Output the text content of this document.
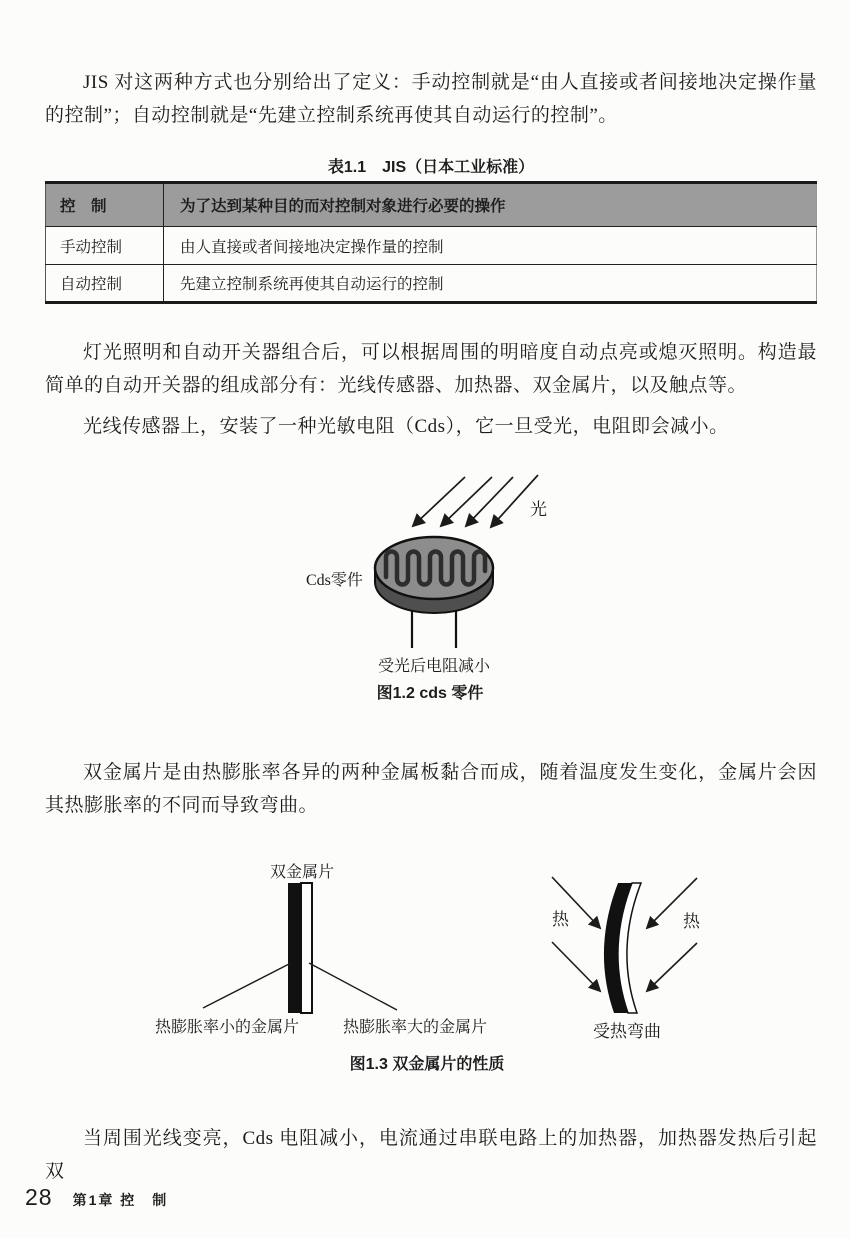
JIS 对这两种方式也分别给出了定义：手动控制就是“由人直接或者间接地决定操作量的控制”；自动控制就是“先建立控制系统再使其自动运行的控制”。

表1.1　JIS（日本工业标准）
控　制	为了达到某种目的而对控制对象进行必要的操作
手动控制	由人直接或者间接地决定操作量的控制
自动控制	先建立控制系统再使其自动运行的控制

灯光照明和自动开关器组合后，可以根据周围的明暗度自动点亮或熄灭照明。构造最简单的自动开关器的组成部分有：光线传感器、加热器、双金属片，以及触点等。

光线传感器上，安装了一种光敏电阻（Cds），它一旦受光，电阻即会减小。

光
Cds零件
受光后电阻减小
图1.2 cds 零件

双金属片是由热膨胀率各异的两种金属板黏合而成，随着温度发生变化，金属片会因其热膨胀率的不同而导致弯曲。

双金属片
热膨胀率小的金属片	热膨胀率大的金属片
热	热
受热弯曲
图1.3 双金属片的性质

当周围光线变亮，Cds 电阻减小，电流通过串联电路上的加热器，加热器发热后引起双

28 第1章 控　制
